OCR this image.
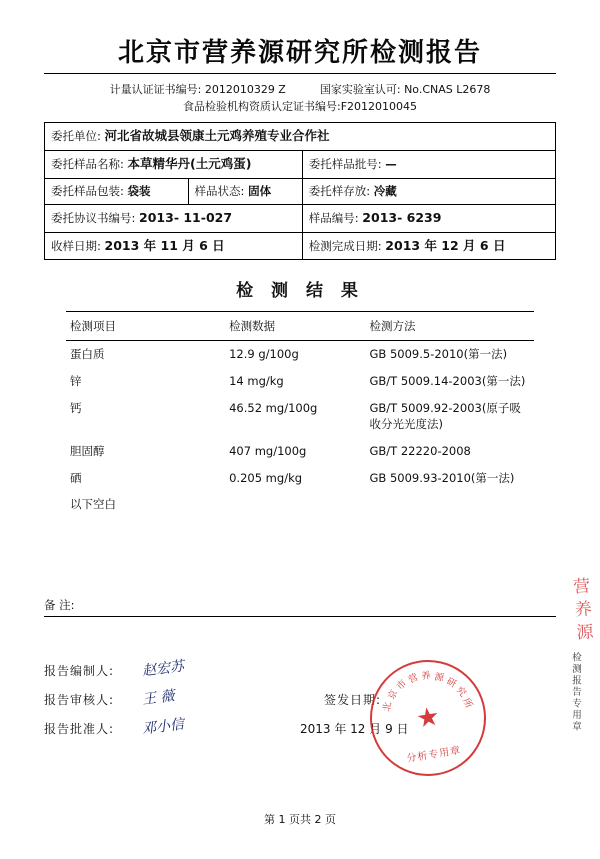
北京市营养源研究所检测报告
计量认证证书编号: 2012010329 Z	国家实验室认可: No.CNAS L2678
食品检验机构资质认定证书编号:F2012010045
委托单位: 河北省故城县领康土元鸡养殖专业合作社		
委托样品名称: 本草精华丹(土元鸡蛋)		委托样品批号: —
委托样品包装: 袋装	样品状态: 固体	委托样存放: 冷藏
委托协议书编号: 2013- 11-027		样品编号: 2013- 6239
收样日期: 2013 年 11 月 6 日		检测完成日期: 2013 年 12 月 6 日
检 测 结 果
检测项目	检测数据	检测方法
蛋白质	12.9 g/100g	GB 5009.5-2010(第一法)
锌	14 mg/kg	GB/T 5009.14-2003(第一法)
钙	46.52 mg/100g	GB/T 5009.92-2003(原子吸收分光光度法)
胆固醇	407 mg/100g	GB/T 22220-2008
硒	0.205 mg/kg	GB 5009.93-2010(第一法)
以下空白		
备 注:
报告编制人:	赵宏苏
报告审核人:	王 薇	签发日期:
报告批准人:	邓小信	2013 年 12 月 9 日
北
京
市
营 养 源 研
究
所
★
分析专用章
检测报告专用章
营养源
第 1 页共 2 页
